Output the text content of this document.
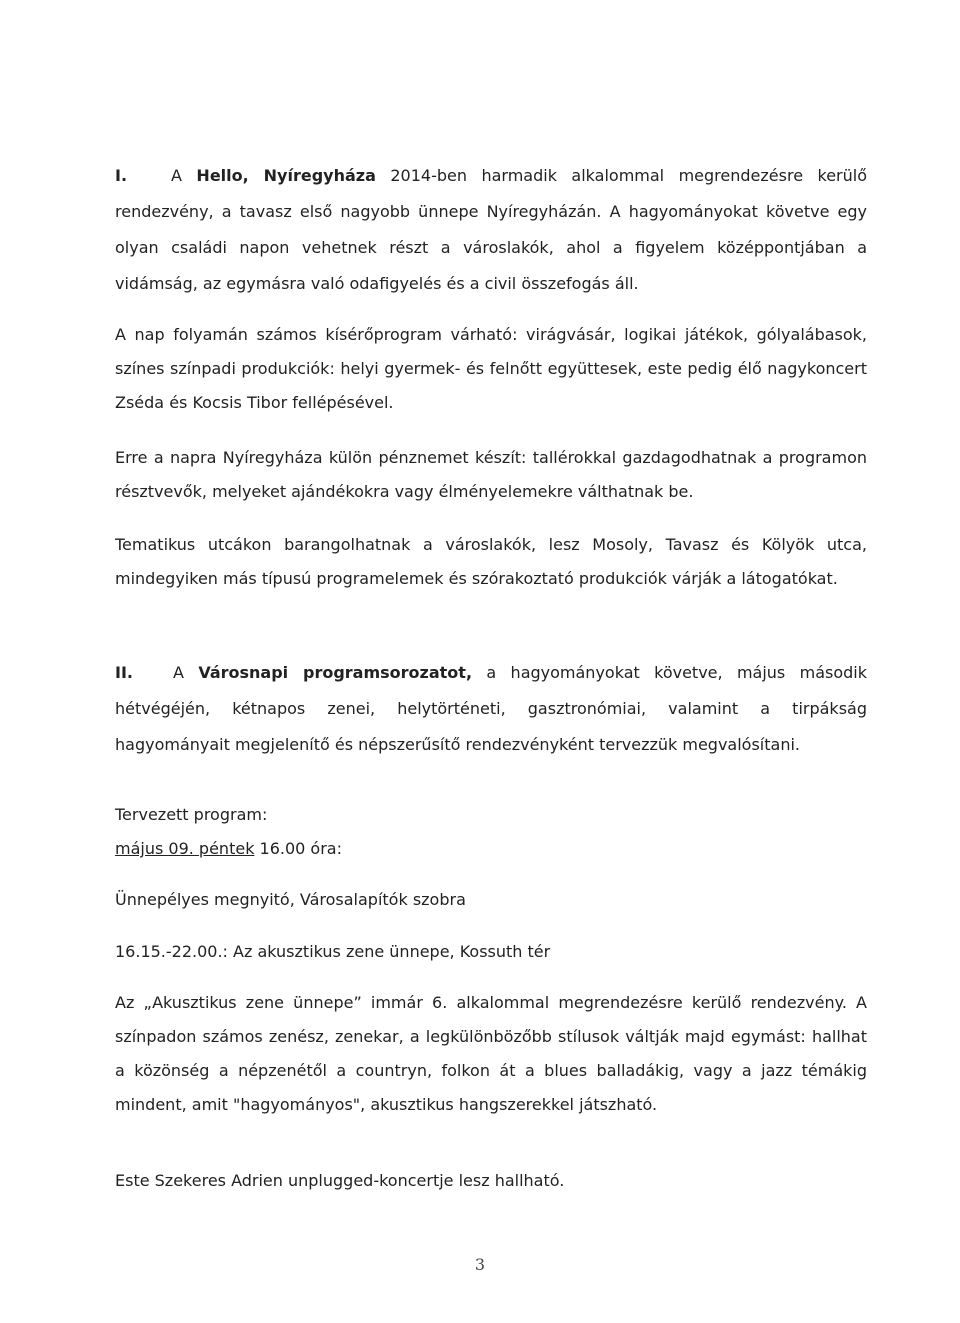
I.	A Hello, Nyíregyháza 2014-ben harmadik alkalommal megrendezésre kerülő rendezvény, a tavasz első nagyobb ünnepe Nyíregyházán. A hagyományokat követve egy olyan családi napon vehetnek részt a városlakók, ahol a figyelem középpontjában a vidámság, az egymásra való odafigyelés és a civil összefogás áll.
A nap folyamán számos kísérőprogram várható: virágvásár, logikai játékok, gólyalábasok, színes színpadi produkciók: helyi gyermek- és felnőtt együttesek, este pedig élő nagykoncert Zséda és Kocsis Tibor fellépésével.
Erre a napra Nyíregyháza külön pénznemet készít: tallérokkal gazdagodhatnak a programon résztvevők, melyeket ajándékokra vagy élményelemekre válthatnak be.
Tematikus utcákon barangolhatnak a városlakók, lesz Mosoly, Tavasz és Kölyök utca, mindegyiken más típusú programelemek és szórakoztató produkciók várják a látogatókat.
II.	A Városnapi programsorozatot, a hagyományokat követve, május második hétvégéjén, kétnapos zenei, helytörténeti, gasztronómiai, valamint a tirpákság hagyományait megjelenítő és népszerűsítő rendezvényként tervezzük megvalósítani.
Tervezett program:
május 09. péntek 16.00 óra:
Ünnepélyes megnyitó, Városalapítók szobra
16.15.-22.00.: Az akusztikus zene ünnepe, Kossuth tér
Az „Akusztikus zene ünnepe” immár 6. alkalommal megrendezésre kerülő rendezvény. A színpadon számos zenész, zenekar, a legkülönbözőbb stílusok váltják majd egymást: hallhat a közönség a népzenétől a countryn, folkon át a blues balladákig, vagy a jazz témákig mindent, amit "hagyományos", akusztikus hangszerekkel játszható.
Este Szekeres Adrien unplugged-koncertje lesz hallható.
3
